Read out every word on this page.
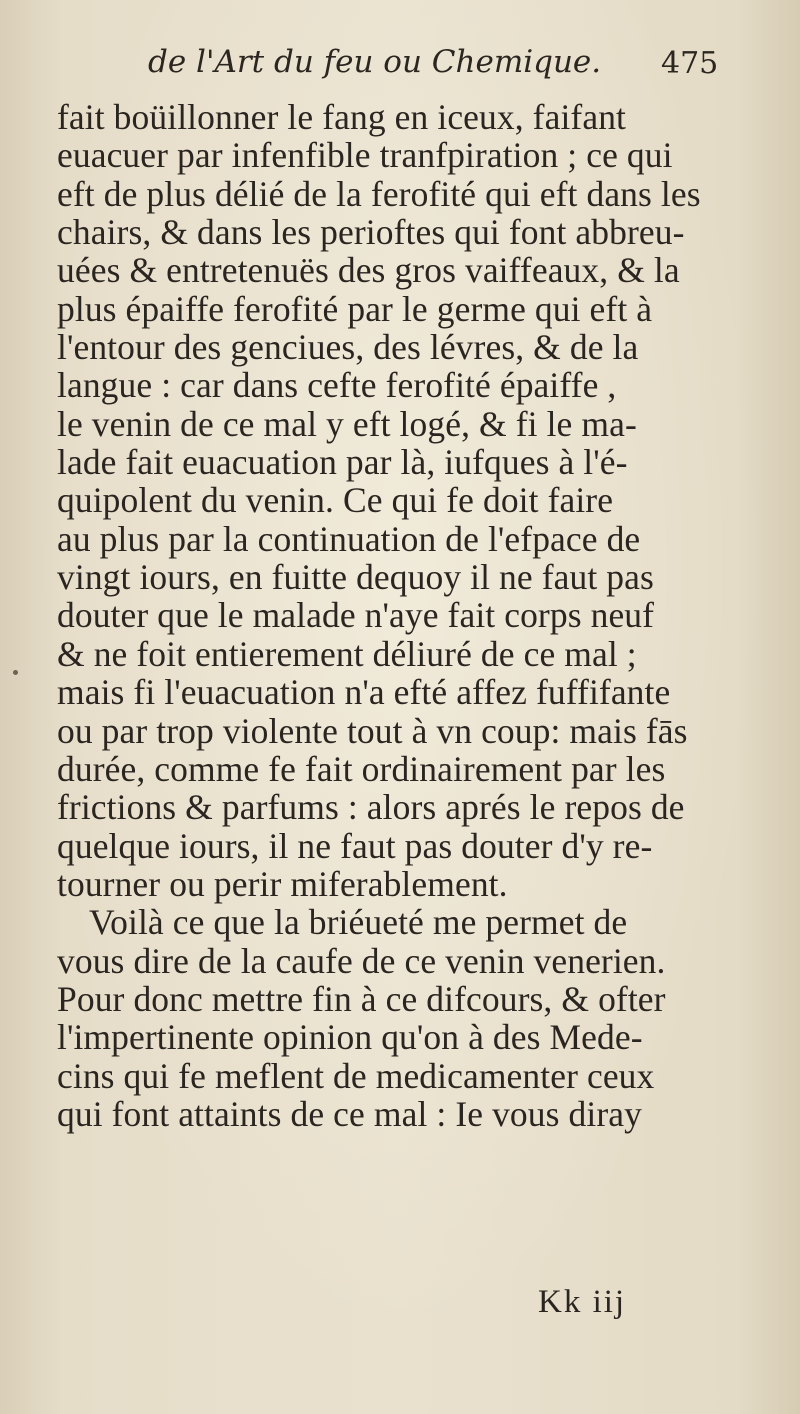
de l'Art du feu ou Chemique. 475
fait boüillonner le fang en iceux, faifant
euacuer par infenfible tranfpiration ; ce qui
eft de plus délié de la ferofité qui eft dans les
chairs, & dans les perioftes qui font abbreu-
uées & entretenuës des gros vaiffeaux, & la
plus épaiffe ferofité par le germe qui eft à
l'entour des genciues, des lévres, & de la
langue : car dans cefte ferofité épaiffe ,
le venin de ce mal y eft logé, & fi le ma-
lade fait euacuation par là, iufques à l'é-
quipolent du venin. Ce qui fe doit faire
au plus par la continuation de l'efpace de
vingt iours, en fuitte dequoy il ne faut pas
douter que le malade n'aye fait corps neuf
& ne foit entierement déliuré de ce mal ;
mais fi l'euacuation n'a efté affez fuffifante
ou par trop violente tout à vn coup: mais fās
durée, comme fe fait ordinairement par les
frictions & parfums : alors aprés le repos de
quelque iours, il ne faut pas douter d'y re-
tourner ou perir miferablement.
Voilà ce que la briéueté me permet de
vous dire de la caufe de ce venin venerien.
Pour donc mettre fin à ce difcours, & ofter
l'impertinente opinion qu'on à des Mede-
cins qui fe meflent de medicamenter ceux
qui font attaints de ce mal : Ie vous diray
Kk iij
